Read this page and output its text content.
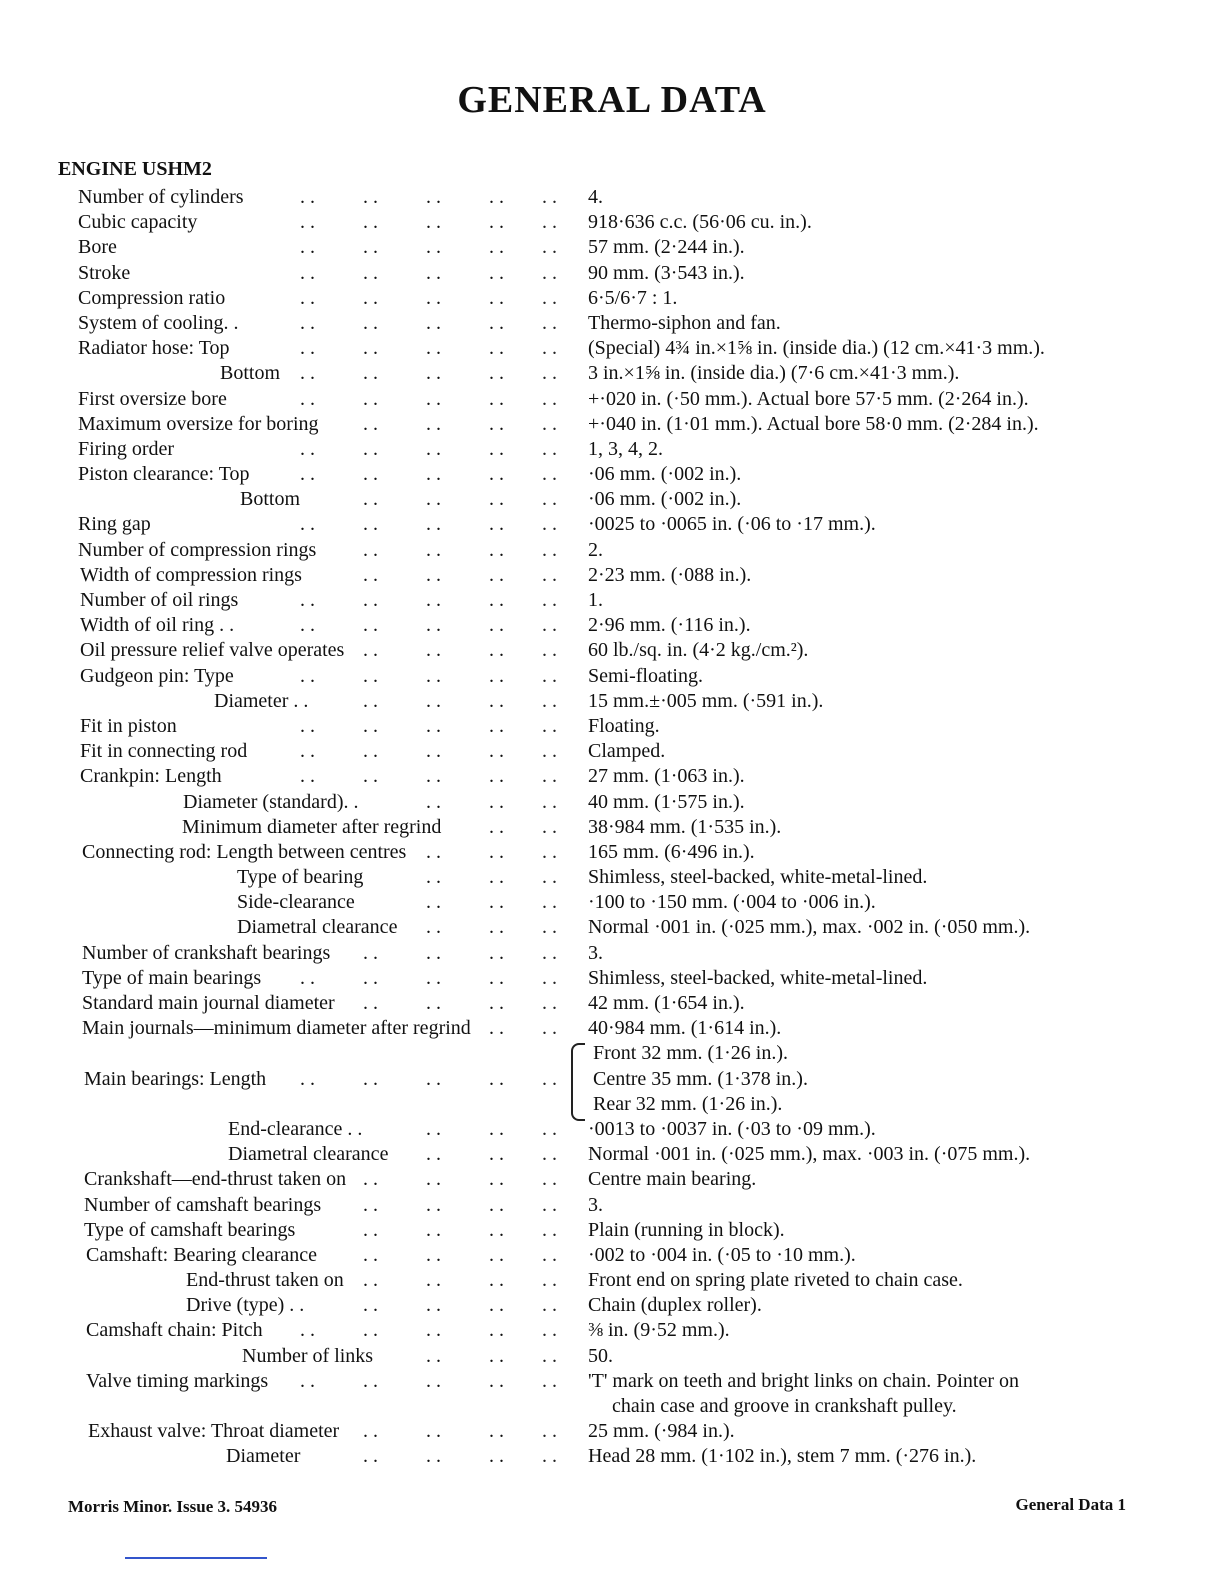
GENERAL DATA
ENGINE USHM2
Number of cylinders	. . 4.
. . . . . . . .
Cubic capacity	. . 918·636 c.c. (56·06 cu. in.).
. . . . . . . .
Bore	. . 57 mm. (2·244 in.).
. . . . . . . .
Stroke	. . 90 mm. (3·543 in.).
. . . . . . . .
Compression ratio	. . 6·5/6·7 : 1.
. . . . . . . .
System of cooling. .	. . Thermo-siphon and fan.
. . . . . . . .
Radiator hose: Top	. . (Special) 4¾ in.×1⅝ in. (inside dia.) (12 cm.×41·3 mm.).
. . . . . . . .
Bottom	. . 3 in.×1⅝ in. (inside dia.) (7·6 cm.×41·3 mm.).
. . . . . . . .
First oversize bore	. . +·020 in. (·50 mm.). Actual bore 57·5 mm. (2·264 in.).
. . . . . . . .
Maximum oversize for boring	. . +·040 in. (1·01 mm.). Actual bore 58·0 mm. (2·284 in.).
. . . . . .
Firing order	. . 1, 3, 4, 2.
. . . . . . . .
Piston clearance: Top	. . ·06 mm. (·002 in.).
. . . . . . . .
Bottom	. . ·06 mm. (·002 in.).
. . . . . .
Ring gap	. . ·0025 to ·0065 in. (·06 to ·17 mm.).
. . . . . . . .
Number of compression rings	. . 2.
. . . . . .
Width of compression rings	. . 2·23 mm. (·088 in.).
. . . . . .
Number of oil rings	. . 1.
. . . . . . . .
Width of oil ring . .	. . 2·96 mm. (·116 in.).
. . . . . . . .
Oil pressure relief valve operates	. . 60 lb./sq. in. (4·2 kg./cm.²).
. . . . . .
Gudgeon pin: Type	. . Semi-floating.
. . . . . . . .
Diameter . .	. . 15 mm.±·005 mm. (·591 in.).
. . . . . .
Fit in piston	. . Floating.
. . . . . . . .
Fit in connecting rod	. . Clamped.
. . . . . . . .
Crankpin: Length	. . 27 mm. (1·063 in.).
. . . . . . . .
Diameter (standard). .	. . 40 mm. (1·575 in.).
. . . .
Minimum diameter after regrind	. . 38·984 mm. (1·535 in.).
. .
Connecting rod: Length between centres	. . 165 mm. (6·496 in.).
. . . .
Type of bearing	. . Shimless, steel-backed, white-metal-lined.
. . . .
Side-clearance	. . ·100 to ·150 mm. (·004 to ·006 in.).
. . . .
Diametral clearance	. . Normal ·001 in. (·025 mm.), max. ·002 in. (·050 mm.).
. . . .
Number of crankshaft bearings	. . 3.
. . . . . .
Type of main bearings	. . Shimless, steel-backed, white-metal-lined.
. . . . . . . .
Standard main journal diameter	. . 42 mm. (1·654 in.).
. . . . . .
Main journals—minimum diameter after regrind	. . 40·984 mm. (1·614 in.).
. .
Front 32 mm. (1·26 in.).
Main bearings: Length	. . Centre 35 mm. (1·378 in.).
. . . . . . . .
Rear 32 mm. (1·26 in.).
End-clearance . .	. . ·0013 to ·0037 in. (·03 to ·09 mm.).
. . . .
Diametral clearance	. . Normal ·001 in. (·025 mm.), max. ·003 in. (·075 mm.).
. . . .
Crankshaft—end-thrust taken on	. . Centre main bearing.
. . . . . .
Number of camshaft bearings	. . 3.
. . . . . .
Type of camshaft bearings	. . Plain (running in block).
. . . . . .
Camshaft: Bearing clearance	. . ·002 to ·004 in. (·05 to ·10 mm.).
. . . . . .
End-thrust taken on	. . Front end on spring plate riveted to chain case.
. . . . . .
Drive (type) . .	. . Chain (duplex roller).
. . . . . .
Camshaft chain: Pitch	. . ⅜ in. (9·52 mm.).
. . . . . . . .
Number of links	. . 50.
. . . .
Valve timing markings	. . 'T' mark on teeth and bright links on chain. Pointer on
. . . . . . . .
chain case and groove in crankshaft pulley.
Exhaust valve: Throat diameter	. . 25 mm. (·984 in.).
. . . . . .
Diameter	. . Head 28 mm. (1·102 in.), stem 7 mm. (·276 in.).
. . . . . .
Morris Minor. Issue 3. 54936	General Data 1
